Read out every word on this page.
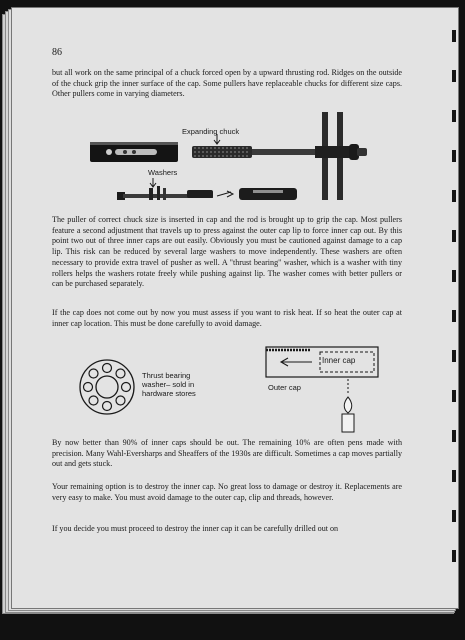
86

but all work on the same principal of a chuck forced open by a upward thrusting rod. Ridges on the outside of the chuck grip the inner surface of the cap. Some pullers have replaceable chucks for different size caps. Other pullers come in varying diameters.

Expanding chuck
Washers

The puller of correct chuck size is inserted in cap and the rod is brought up to grip the cap. Most pullers feature a second adjustment that travels up to press against the outer cap lip to force inner cap out. By this point two out of three inner caps are out easily. Obviously you must be cautioned against damage to a cap lip. This risk can be reduced by several large washers to move independently. These washers are often necessary to provide extra travel of pusher as well. A "thrust bearing" washer, which is a washer with tiny rollers helps the washers rotate freely while pushing against lip. The washer comes with better pullers or can be purchased separately.

If the cap does not come out by now you must assess if you want to risk heat. If so heat the outer cap at inner cap location. This must be done carefully to avoid damage.

Thrust bearing washer– sold in hardware stores
Inner cap
Outer cap

By now better than 90% of inner caps should be out. The remaining 10% are often pens made with precision. Many Wahl-Eversharps and Sheaffers of the 1930s are difficult. Sometimes a cap moves partially out and gets stuck.

Your remaining option is to destroy the inner cap. No great loss to damage or destroy it. Replacements are very easy to make. You must avoid damage to the outer cap, clip and threads, however.

If you decide you must proceed to destroy the inner cap it can be carefully drilled out on
